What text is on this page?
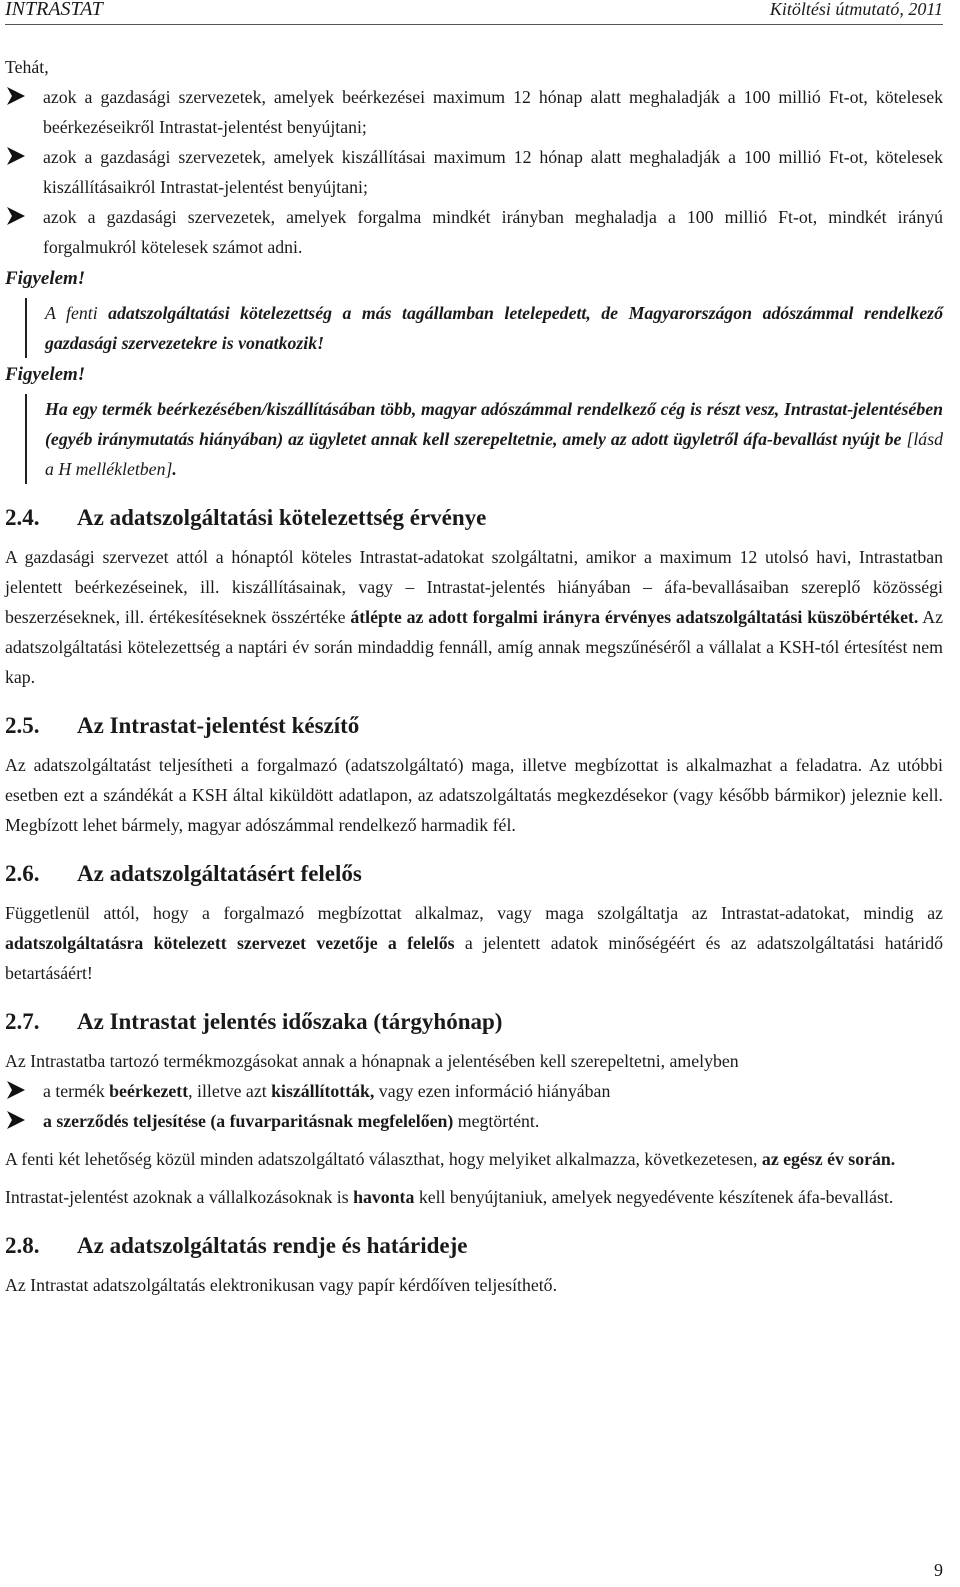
INTRASTAT	Kitöltési útmutató, 2011

Tehát,

azok a gazdasági szervezetek, amelyek beérkezései maximum 12 hónap alatt meghaladják a 100 millió Ft-ot, kötelesek beérkezéseikről Intrastat-jelentést benyújtani;
azok a gazdasági szervezetek, amelyek kiszállításai maximum 12 hónap alatt meghaladják a 100 millió Ft-ot, kötelesek kiszállításaikról Intrastat-jelentést benyújtani;
azok a gazdasági szervezetek, amelyek forgalma mindkét irányban meghaladja a 100 millió Ft-ot, mindkét irányú forgalmukról kötelesek számot adni.

Figyelem!

A fenti adatszolgáltatási kötelezettség a más tagállamban letelepedett, de Magyarországon adószámmal rendelkező gazdasági szervezetekre is vonatkozik!

Figyelem!

Ha egy termék beérkezésében/kiszállításában több, magyar adószámmal rendelkező cég is részt vesz, Intrastat-jelentésében (egyéb iránymutatás hiányában) az ügyletet annak kell szerepeltetnie, amely az adott ügyletről áfa-bevallást nyújt be [lásd a H mellékletben].
2.4. Az adatszolgáltatási kötelezettség érvénye

A gazdasági szervezet attól a hónaptól köteles Intrastat-adatokat szolgáltatni, amikor a maximum 12 utolsó havi, Intrastatban jelentett beérkezéseinek, ill. kiszállításainak, vagy – Intrastat-jelentés hiányában – áfa-bevallásaiban szereplő közösségi beszerzéseknek, ill. értékesítéseknek összértéke átlépte az adott forgalmi irányra érvényes adatszolgáltatási küszöbértéket. Az adatszolgáltatási kötelezettség a naptári év során mindaddig fennáll, amíg annak megszűnéséről a vállalat a KSH-tól értesítést nem kap.

2.5. Az Intrastat-jelentést készítő

Az adatszolgáltatást teljesítheti a forgalmazó (adatszolgáltató) maga, illetve megbízottat is alkalmazhat a feladatra. Az utóbbi esetben ezt a szándékát a KSH által kiküldött adatlapon, az adatszolgáltatás megkezdésekor (vagy később bármikor) jeleznie kell. Megbízott lehet bármely, magyar adószámmal rendelkező harmadik fél.

2.6. Az adatszolgáltatásért felelős

Függetlenül attól, hogy a forgalmazó megbízottat alkalmaz, vagy maga szolgáltatja az Intrastat-adatokat, mindig az adatszolgáltatásra kötelezett szervezet vezetője a felelős a jelentett adatok minőségéért és az adatszolgáltatási határidő betartásáért!

2.7. Az Intrastat jelentés időszaka (tárgyhónap)

Az Intrastatba tartozó termékmozgásokat annak a hónapnak a jelentésében kell szerepeltetni, amelyben

a termék beérkezett, illetve azt kiszállították, vagy ezen információ hiányában
a szerződés teljesítése (a fuvarparitásnak megfelelően) megtörtént.

A fenti két lehetőség közül minden adatszolgáltató választhat, hogy melyiket alkalmazza, következetesen, az egész év során.

Intrastat-jelentést azoknak a vállalkozásoknak is havonta kell benyújtaniuk, amelyek negyedévente készítenek áfa-bevallást.

2.8. Az adatszolgáltatás rendje és határideje

Az Intrastat adatszolgáltatás elektronikusan vagy papír kérdőíven teljesíthető.

9
